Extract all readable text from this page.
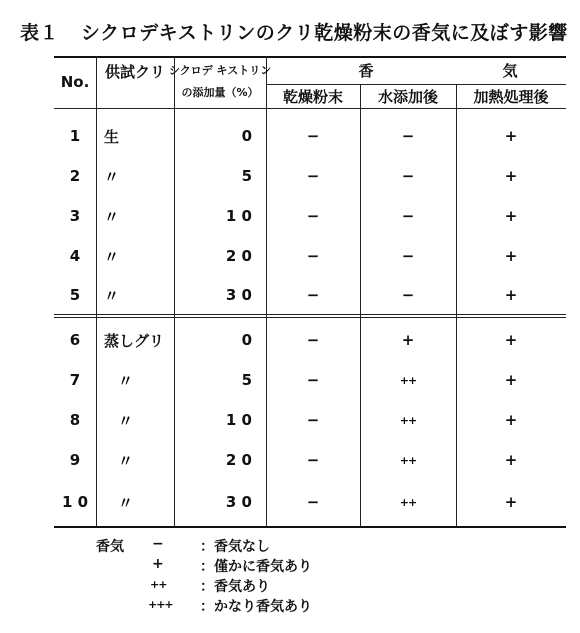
表１ シクロデキストリンのクリ乾燥粉末の香気に及ぼす影響
No.
供試クリ シクロデ キストリン
の添加量（%）
香	気
乾燥粉末	水添加後	加熱処理後
1	生	0	−	−	+
2	〃	5	−	−	+
3	〃	1 0	−	−	+
4	〃	2 0	−	−	+
5	〃	3 0	−	−	+
6	蒸しグリ	0	−	+	+
7	〃	5	−	++	+
8	〃	1 0	−	++	+
9	〃	2 0	−	++	+
1 0	〃	3 0	−	++	+
香気 −	：香気なし
+	：僅かに香気あり
++ ：香気あり
+++ ：かなり香気あり
